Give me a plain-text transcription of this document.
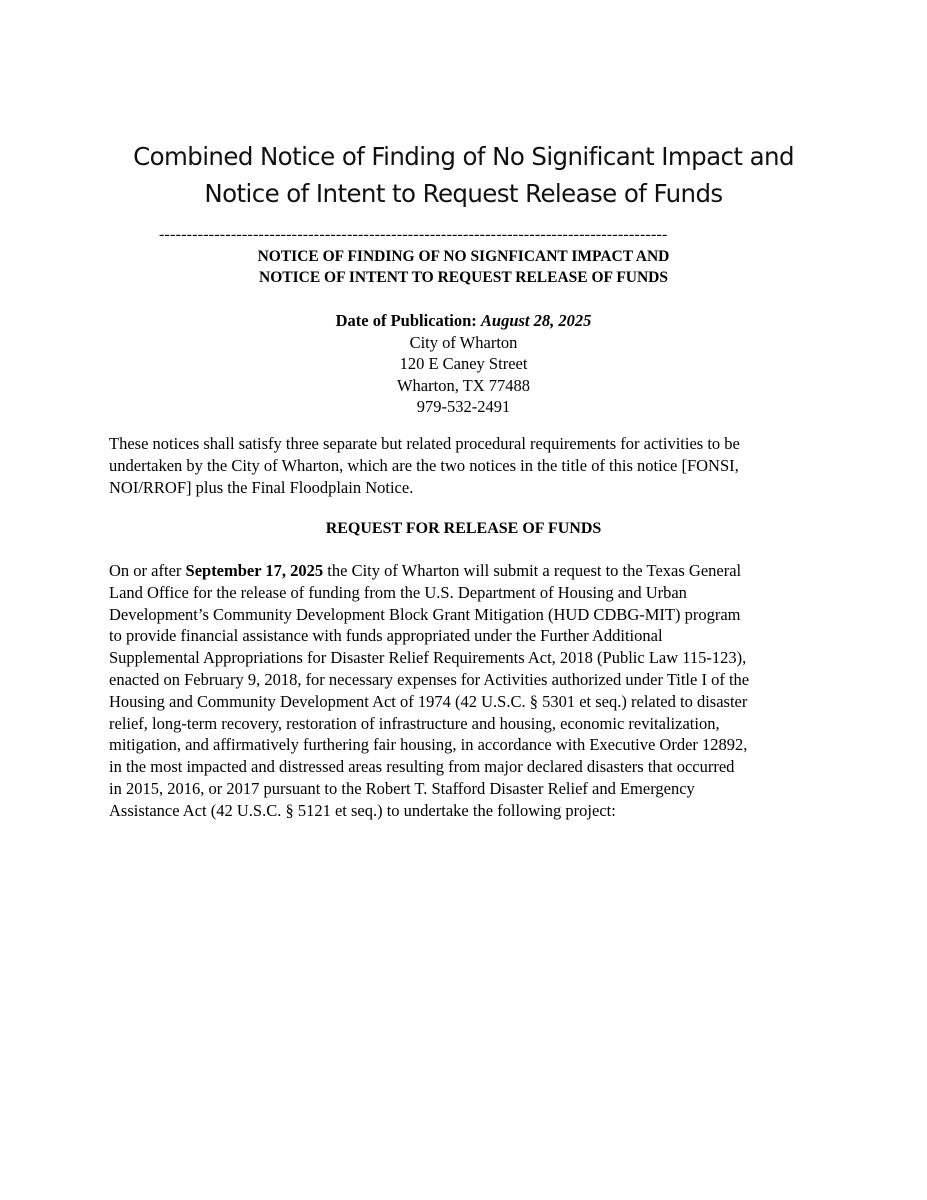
Combined Notice of Finding of No Significant Impact and
Notice of Intent to Request Release of Funds
--------------------------------------------------------------------------------------------
NOTICE OF FINDING OF NO SIGNFICANT IMPACT AND
NOTICE OF INTENT TO REQUEST RELEASE OF FUNDS
Date of Publication: August 28, 2025
City of Wharton
120 E Caney Street
Wharton, TX 77488
979-532-2491
These notices shall satisfy three separate but related procedural requirements for activities to be
undertaken by the City of Wharton, which are the two notices in the title of this notice [FONSI,
NOI/RROF] plus the Final Floodplain Notice.
REQUEST FOR RELEASE OF FUNDS
On or after September 17, 2025 the City of Wharton will submit a request to the Texas General
Land Office for the release of funding from the U.S. Department of Housing and Urban
Development’s Community Development Block Grant Mitigation (HUD CDBG-MIT) program
to provide financial assistance with funds appropriated under the Further Additional
Supplemental Appropriations for Disaster Relief Requirements Act, 2018 (Public Law 115-123),
enacted on February 9, 2018, for necessary expenses for Activities authorized under Title I of the
Housing and Community Development Act of 1974 (42 U.S.C. § 5301 et seq.) related to disaster
relief, long-term recovery, restoration of infrastructure and housing, economic revitalization,
mitigation, and affirmatively furthering fair housing, in accordance with Executive Order 12892,
in the most impacted and distressed areas resulting from major declared disasters that occurred
in 2015, 2016, or 2017 pursuant to the Robert T. Stafford Disaster Relief and Emergency
Assistance Act (42 U.S.C. § 5121 et seq.) to undertake the following project:
